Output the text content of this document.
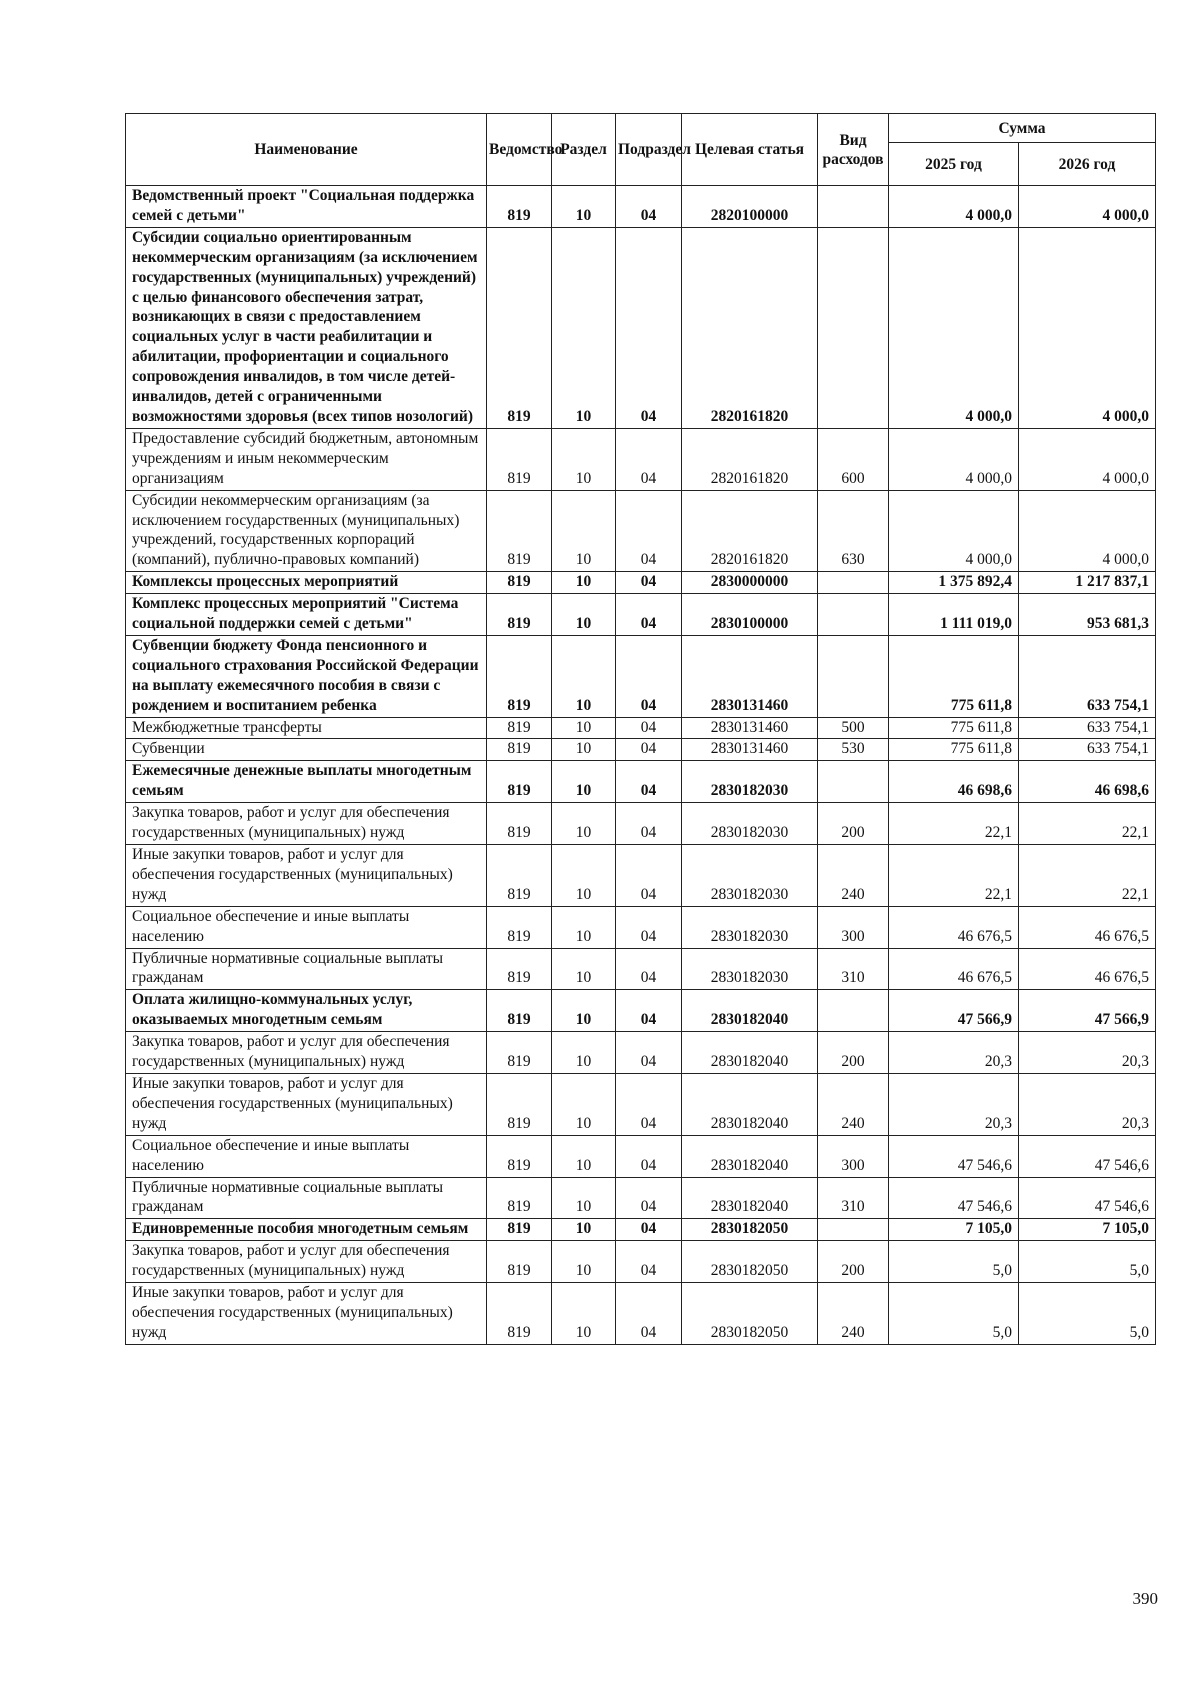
Наименование	Ведомство	Раздел	Подраздел	Целевая статья	Вид расходов	Сумма	
						2025 год	2026 год
Ведомственный проект "Социальная поддержка семей с детьми"	819	10	04	2820100000		4 000,0	4 000,0
Субсидии социально ориентированным некоммерческим организациям (за исключением государственных (муниципальных) учреждений) с целью финансового обеспечения затрат, возникающих в связи с предоставлением социальных услуг в части реабилитации и абилитации, профориентации и социального сопровождения инвалидов, в том числе детей-инвалидов, детей с ограниченными возможностями здоровья (всех типов нозологий)	819	10	04	2820161820		4 000,0	4 000,0
Предоставление субсидий бюджетным, автономным учреждениям и иным некоммерческим организациям	819	10	04	2820161820	600	4 000,0	4 000,0
Субсидии некоммерческим организациям (за исключением государственных (муниципальных) учреждений, государственных корпораций (компаний), публично-правовых компаний)	819	10	04	2820161820	630	4 000,0	4 000,0
Комплексы процессных мероприятий	819	10	04	2830000000		1 375 892,4	1 217 837,1
Комплекс процессных мероприятий "Система социальной поддержки семей с детьми"	819	10	04	2830100000		1 111 019,0	953 681,3
Субвенции бюджету Фонда пенсионного и социального страхования Российской Федерации на выплату ежемесячного пособия в связи с рождением и воспитанием ребенка	819	10	04	2830131460		775 611,8	633 754,1
Межбюджетные трансферты	819	10	04	2830131460	500	775 611,8	633 754,1
Субвенции	819	10	04	2830131460	530	775 611,8	633 754,1
Ежемесячные денежные выплаты многодетным семьям	819	10	04	2830182030		46 698,6	46 698,6
Закупка товаров, работ и услуг для обеспечения государственных (муниципальных) нужд	819	10	04	2830182030	200	22,1	22,1
Иные закупки товаров, работ и услуг для обеспечения государственных (муниципальных) нужд	819	10	04	2830182030	240	22,1	22,1
Социальное обеспечение и иные выплаты населению	819	10	04	2830182030	300	46 676,5	46 676,5
Публичные нормативные социальные выплаты гражданам	819	10	04	2830182030	310	46 676,5	46 676,5
Оплата жилищно-коммунальных услуг, оказываемых многодетным семьям	819	10	04	2830182040		47 566,9	47 566,9
Закупка товаров, работ и услуг для обеспечения государственных (муниципальных) нужд	819	10	04	2830182040	200	20,3	20,3
Иные закупки товаров, работ и услуг для обеспечения государственных (муниципальных) нужд	819	10	04	2830182040	240	20,3	20,3
Социальное обеспечение и иные выплаты населению	819	10	04	2830182040	300	47 546,6	47 546,6
Публичные нормативные социальные выплаты гражданам	819	10	04	2830182040	310	47 546,6	47 546,6
Единовременные пособия многодетным семьям	819	10	04	2830182050		7 105,0	7 105,0
Закупка товаров, работ и услуг для обеспечения государственных (муниципальных) нужд	819	10	04	2830182050	200	5,0	5,0
Иные закупки товаров, работ и услуг для обеспечения государственных (муниципальных) нужд	819	10	04	2830182050	240	5,0	5,0
390
